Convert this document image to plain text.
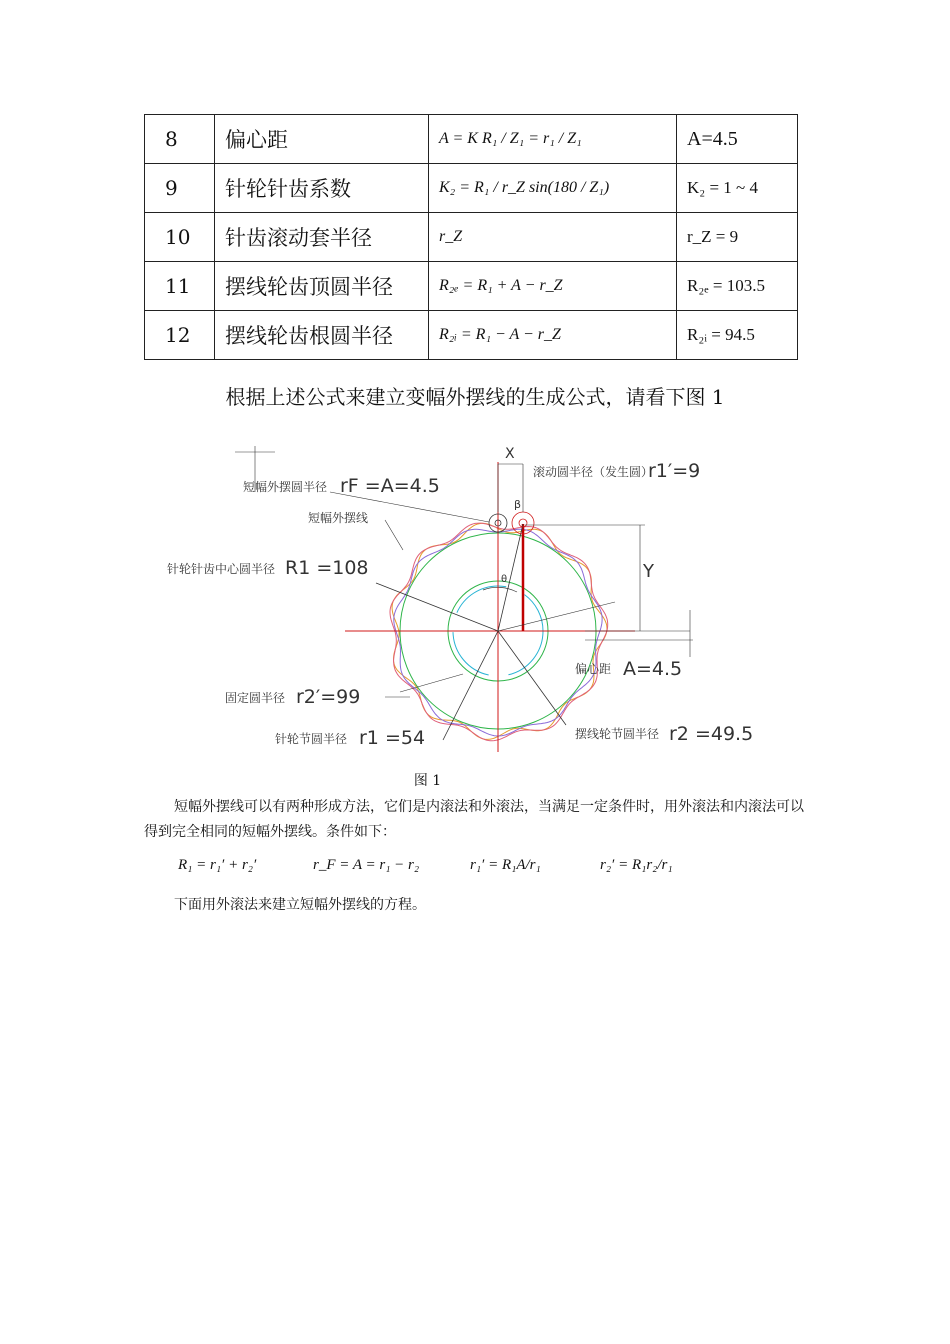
8	偏心距	A = K R₁ / Z₁ = r₁ / Z₁	A=4.5
9	针轮针齿系数	K₂ = R₁ / r_Z sin(180 / Z₁)	K₂ = 1 ~ 4
10	针齿滚动套半径	r_Z	r_Z = 9
11	摆线轮齿顶圆半径	R₂ₑ = R₁ + A − r_Z	R₂ₑ = 103.5
12	摆线轮齿根圆半径	R₂ᵢ = R₁ − A − r_Z	R₂ᵢ = 94.5
根据上述公式来建立变幅外摆线的生成公式，请看下图 1
X
Y
β
θ
短幅外摆圆半径 rF =A=4.5
短幅外摆线
针轮针齿中心圆半径 R1 =108
滚动圆半径（发生圆）
r1′=9
偏心距 A=4.5
固定圆半径 r2′=99
针轮节圆半径 r1 =54	摆线轮节圆半径 r2 =49.5
图 1

短幅外摆线可以有两种形成方法，它们是内滚法和外滚法，当满足一定条件时，用外滚法和内滚法可以得到完全相同的短幅外摆线。条件如下：

R₁ = r₁′ + r₂′	r_F = A = r₁ − r₂	r₁′ = R₁A/r₁	r₂′ = R₁r₂/r₁

下面用外滚法来建立短幅外摆线的方程。
